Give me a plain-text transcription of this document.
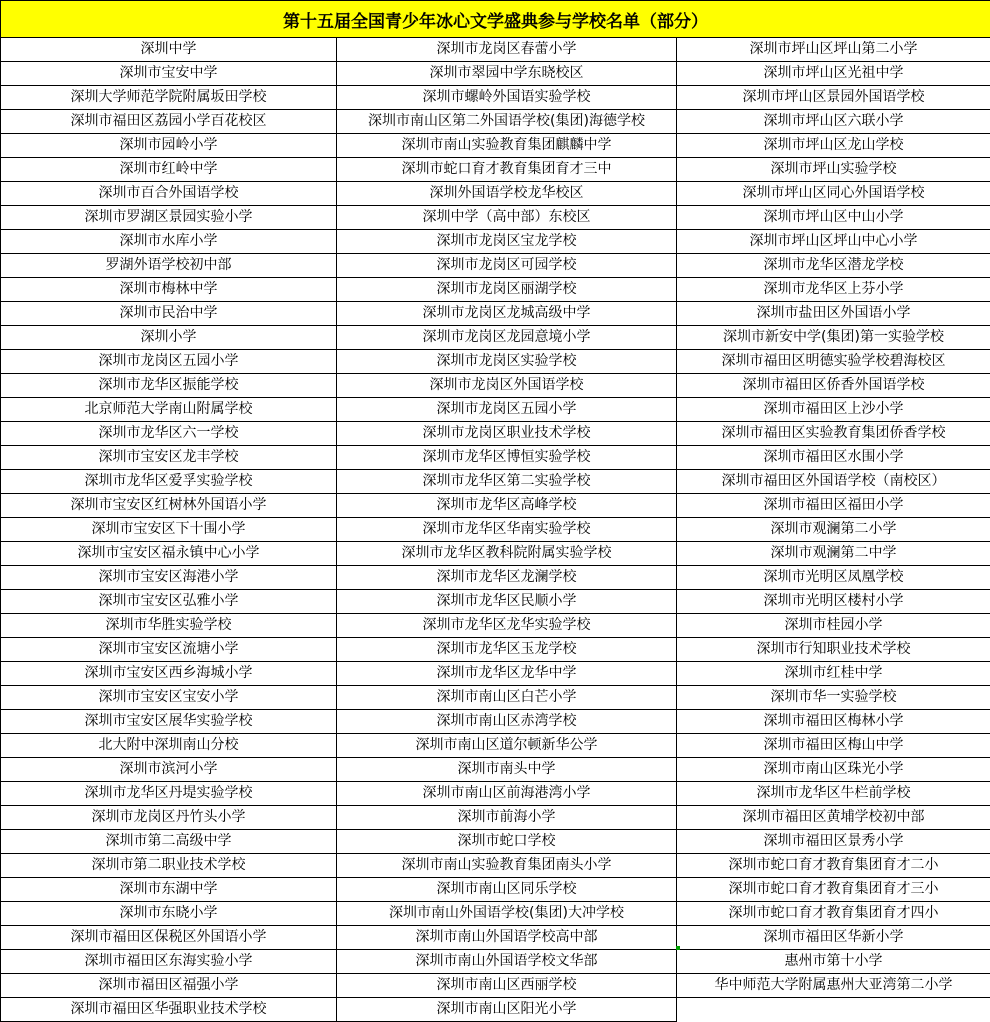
第十五届全国青少年冰心文学盛典参与学校名单（部分）		
深圳中学	深圳市龙岗区春蕾小学	深圳市坪山区坪山第二小学
深圳市宝安中学	深圳市翠园中学东晓校区	深圳市坪山区光祖中学
深圳大学师范学院附属坂田学校	深圳市螺岭外国语实验学校	深圳市坪山区景园外国语学校
深圳市福田区荔园小学百花校区	深圳市南山区第二外国语学校(集团)海德学校	深圳市坪山区六联小学
深圳市园岭小学	深圳市南山实验教育集团麒麟中学	深圳市坪山区龙山学校
深圳市红岭中学	深圳市蛇口育才教育集团育才三中	深圳市坪山实验学校
深圳市百合外国语学校	深圳外国语学校龙华校区	深圳市坪山区同心外国语学校
深圳市罗湖区景园实验小学	深圳中学（高中部）东校区	深圳市坪山区中山小学
深圳市水库小学	深圳市龙岗区宝龙学校	深圳市坪山区坪山中心小学
罗湖外语学校初中部	深圳市龙岗区可园学校	深圳市龙华区潜龙学校
深圳市梅林中学	深圳市龙岗区丽湖学校	深圳市龙华区上芬小学
深圳市民治中学	深圳市龙岗区龙城高级中学	深圳市盐田区外国语小学
深圳小学	深圳市龙岗区龙园意境小学	深圳市新安中学(集团)第一实验学校
深圳市龙岗区五园小学	深圳市龙岗区实验学校	深圳市福田区明德实验学校碧海校区
深圳市龙华区振能学校	深圳市龙岗区外国语学校	深圳市福田区侨香外国语学校
北京师范大学南山附属学校	深圳市龙岗区五园小学	深圳市福田区上沙小学
深圳市龙华区六一学校	深圳市龙岗区职业技术学校	深圳市福田区实验教育集团侨香学校
深圳市宝安区龙丰学校	深圳市龙华区博恒实验学校	深圳市福田区水围小学
深圳市龙华区爱孚实验学校	深圳市龙华区第二实验学校	深圳市福田区外国语学校（南校区）
深圳市宝安区红树林外国语小学	深圳市龙华区高峰学校	深圳市福田区福田小学
深圳市宝安区下十围小学	深圳市龙华区华南实验学校	深圳市观澜第二小学
深圳市宝安区福永镇中心小学	深圳市龙华区教科院附属实验学校	深圳市观澜第二中学
深圳市宝安区海港小学	深圳市龙华区龙澜学校	深圳市光明区凤凰学校
深圳市宝安区弘雅小学	深圳市龙华区民顺小学	深圳市光明区楼村小学
深圳市华胜实验学校	深圳市龙华区龙华实验学校	深圳市桂园小学
深圳市宝安区流塘小学	深圳市龙华区玉龙学校	深圳市行知职业技术学校
深圳市宝安区西乡海城小学	深圳市龙华区龙华中学	深圳市红桂中学
深圳市宝安区宝安小学	深圳市南山区白芒小学	深圳市华一实验学校
深圳市宝安区展华实验学校	深圳市南山区赤湾学校	深圳市福田区梅林小学
北大附中深圳南山分校	深圳市南山区道尔顿新华公学	深圳市福田区梅山中学
深圳市滨河小学	深圳市南头中学	深圳市南山区珠光小学
深圳市龙华区丹堤实验学校	深圳市南山区前海港湾小学	深圳市龙华区牛栏前学校
深圳市龙岗区丹竹头小学	深圳市前海小学	深圳市福田区黄埔学校初中部
深圳市第二高级中学	深圳市蛇口学校	深圳市福田区景秀小学
深圳市第二职业技术学校	深圳市南山实验教育集团南头小学	深圳市蛇口育才教育集团育才二小
深圳市东湖中学	深圳市南山区同乐学校	深圳市蛇口育才教育集团育才三小
深圳市东晓小学	深圳市南山外国语学校(集团)大冲学校	深圳市蛇口育才教育集团育才四小
深圳市福田区保税区外国语小学	深圳市南山外国语学校高中部	深圳市福田区华新小学
深圳市福田区东海实验小学	深圳市南山外国语学校文华部	惠州市第十小学
深圳市福田区福强小学	深圳市南山区西丽学校	华中师范大学附属惠州大亚湾第二小学
深圳市福田区华强职业技术学校	深圳市南山区阳光小学	
